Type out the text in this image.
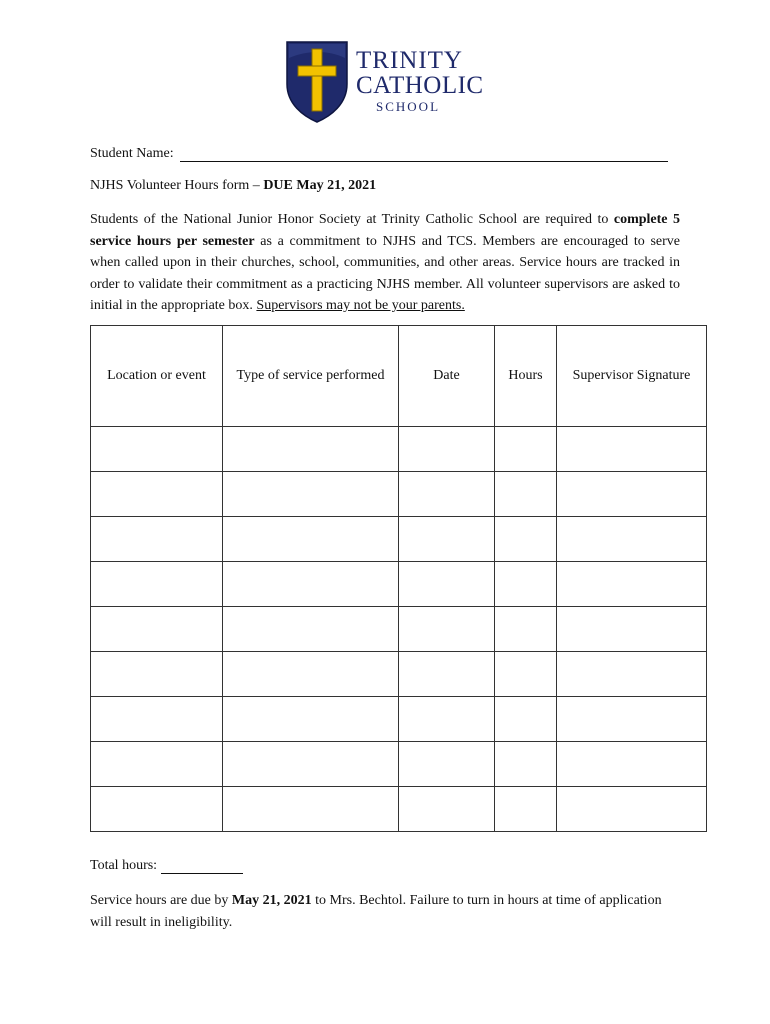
TRINITY
CATHOLIC
SCHOOL
Student Name:
NJHS Volunteer Hours form – DUE May 21, 2021
Students of the National Junior Honor Society at Trinity Catholic School are required to complete 5 service hours per semester as a commitment to NJHS and TCS. Members are encouraged to serve when called upon in their churches, school, communities, and other areas. Service hours are tracked in order to validate their commitment as a practicing NJHS member. All volunteer supervisors are asked to initial in the appropriate box. Supervisors may not be your parents.
Location or event	Type of service performed	Date	Hours	Supervisor Signature

Total hours:
Service hours are due by May 21, 2021 to Mrs. Bechtol. Failure to turn in hours at time of application will result in ineligibility.
